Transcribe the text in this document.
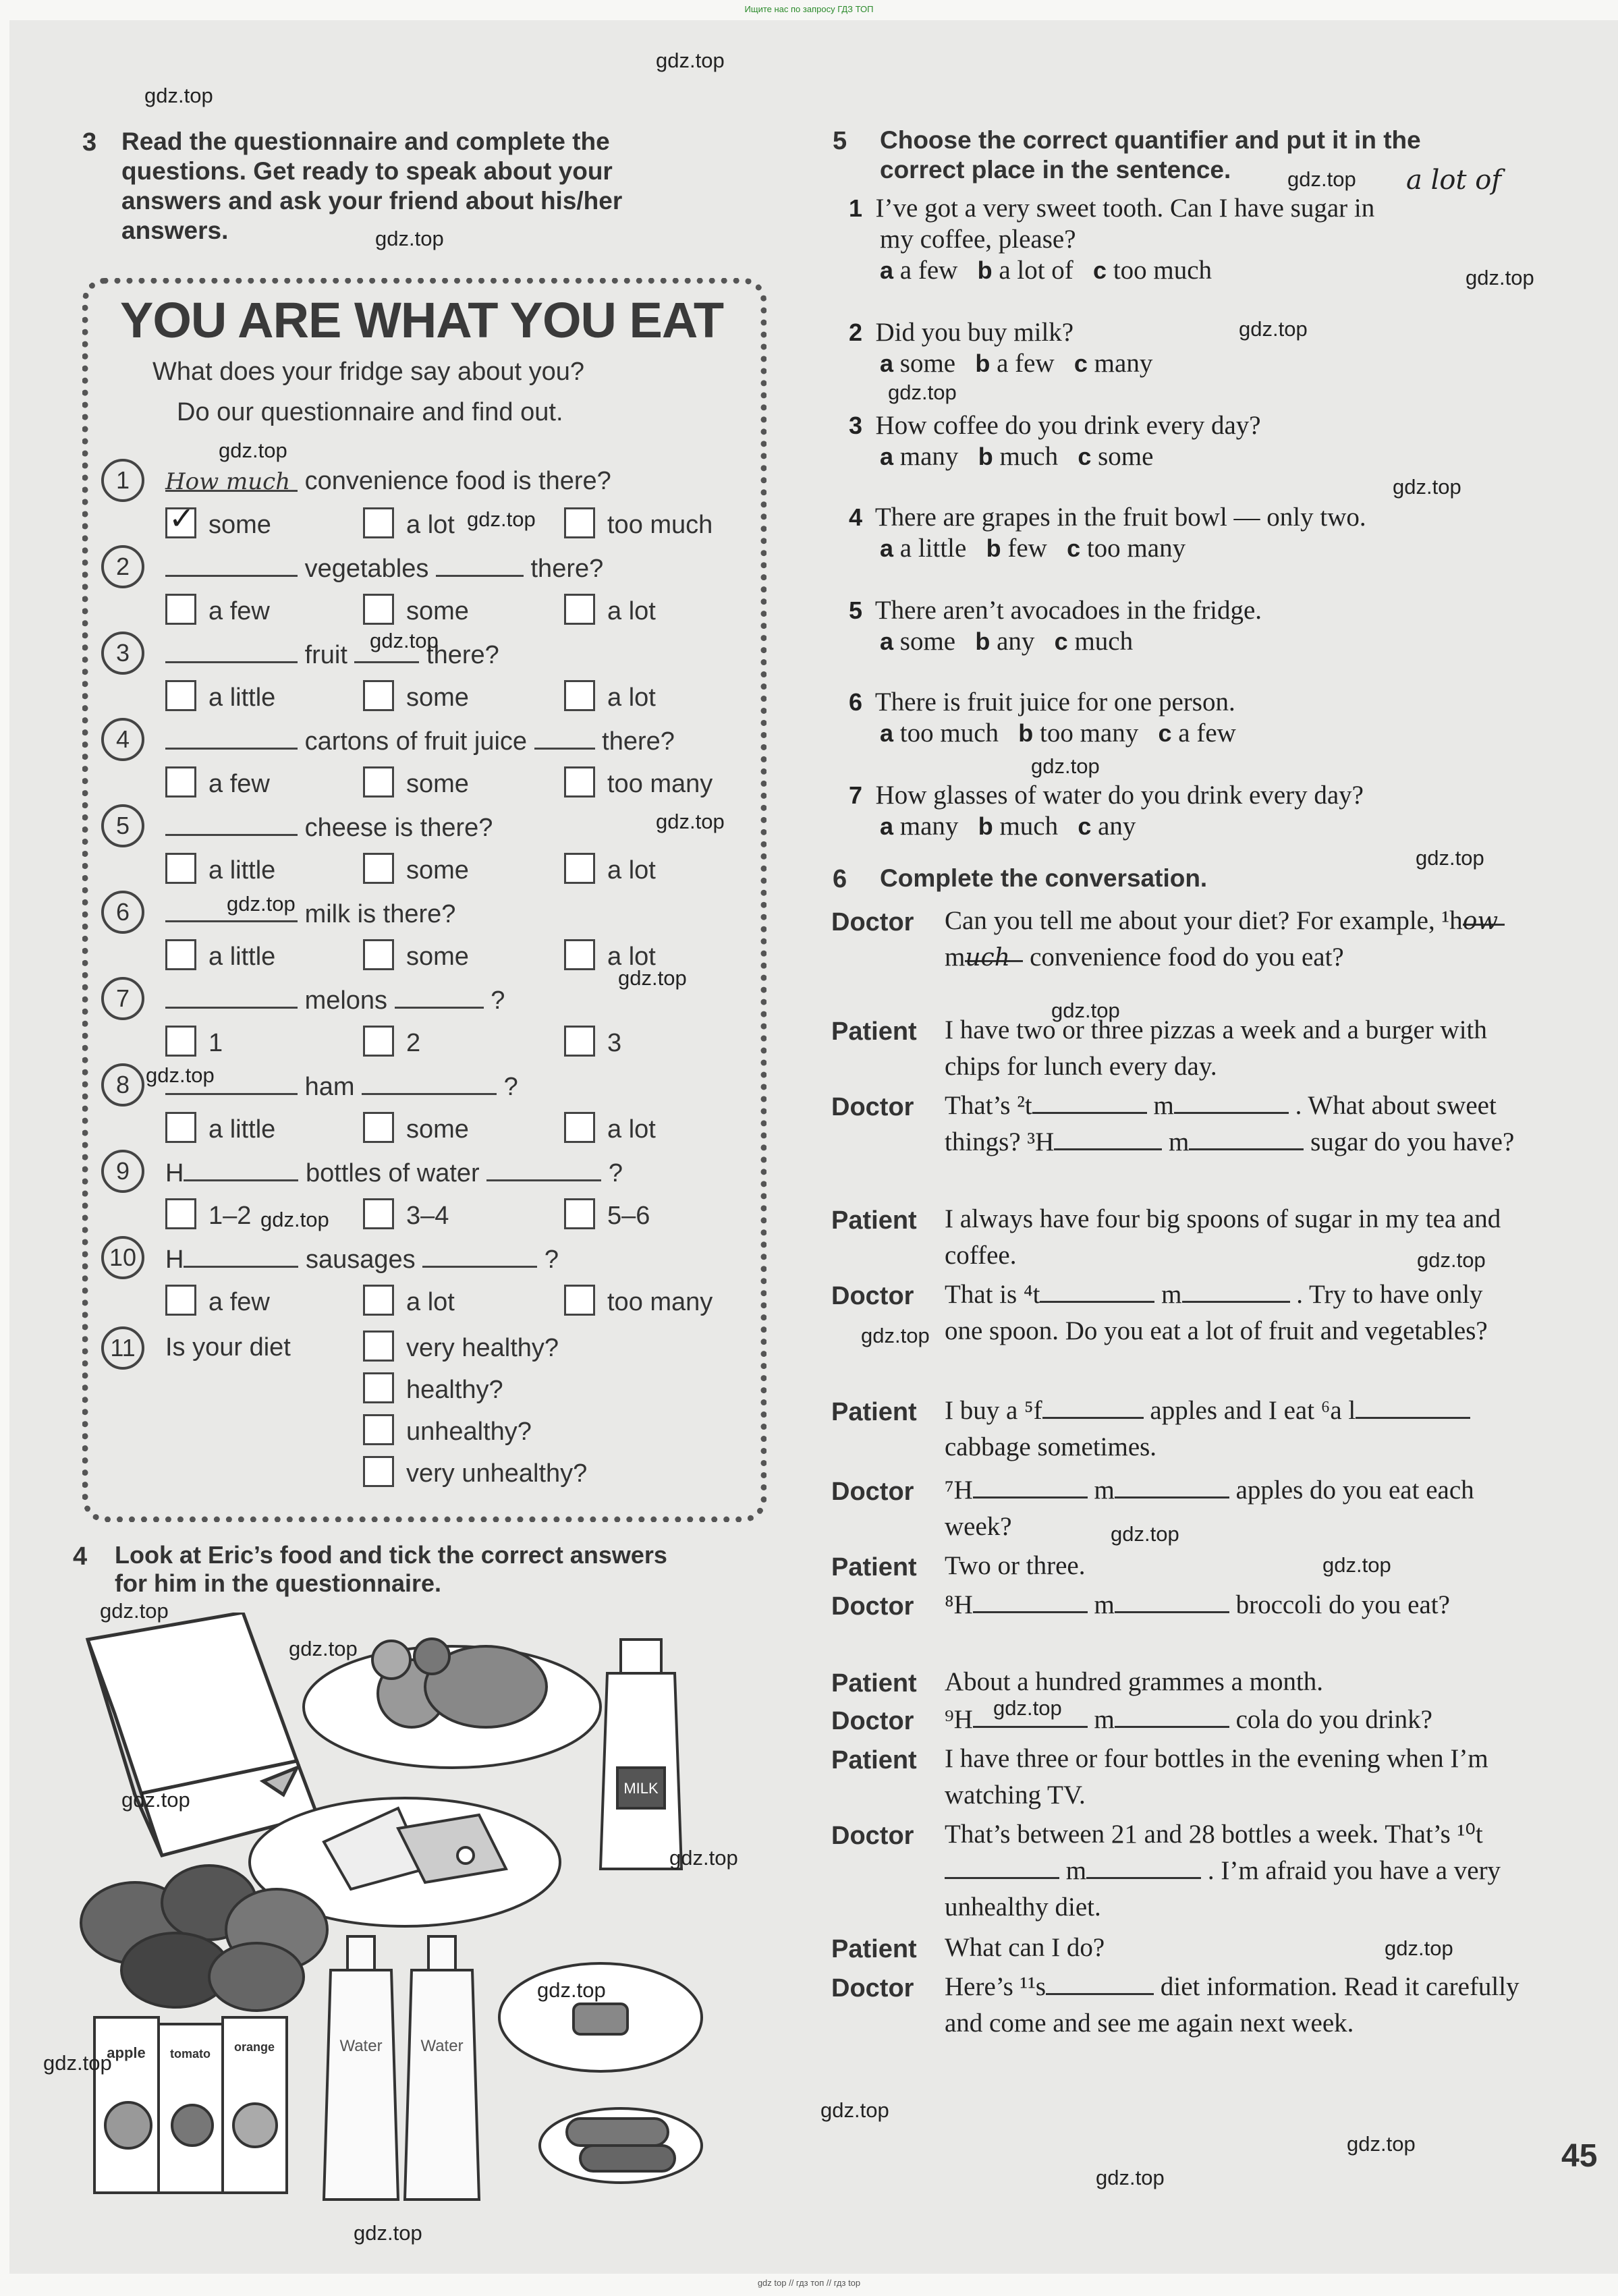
Ищите нас по запросу ГДЗ ТОП
3 Read the questionnaire and complete the
questions. Get ready to speak about your
answers and ask your friend about his/her
answers.
YOU ARE WHAT YOU EAT
What does your fridge say about you?
Do our questionnaire and find out.
1	How much convenience food is there?
✓ some	a lot	too much
2	vegetables	there?
a few	some	a lot
3	fruit	there?
a little	some	a lot
4	cartons of fruit juice	there?
a few	some	too many
5	cheese is there?
a little	some	a lot
6	milk is there?
a little	some	a lot
7	melons	?
1	2	3
8	ham	?
a little	some	a lot
9	H	bottles of water	?
1–2	3–4	5–6
10	H	sausages	?
a few	a lot	too many
11	Is your diet	very healthy?
healthy?
unhealthy?
very unhealthy?
4 Look at Eric’s food and tick the correct answers
for him in the questionnaire.
MILK
apple tomato orange	Water Water
5 Choose the correct quantifier and put it in the
correct place in the sentence.	a lot of
1 I’ve got a very sweet tooth. Can I have sugar in
my coffee, please?
a a few b a lot of c too much
2 Did you buy milk?
a some b a few c many
3 How coffee do you drink every day?
a many b much c some
4 There are grapes in the fruit bowl — only two.
a a little b few c too many
5 There aren’t avocadoes in the fridge.
a some b any c much
6 There is fruit juice for one person.
a too much b too many c a few
7 How glasses of water do you drink every day?
a many b much c any
6 Complete the conversation.
Doctor Can you tell me about your diet? For example, ¹how much convenience food do you eat?
Patient I have two or three pizzas a week and a burger with chips for lunch every day.
Doctor That’s ²t	m	. What about sweet things? ³H	m	sugar do you have?
Patient I always have four big spoons of sugar in my tea and coffee.
Doctor That is ⁴t	m	. Try to have only one spoon. Do you eat a lot of fruit and vegetables?
Patient I buy a ⁵f	apples and I eat ⁶a l cabbage sometimes.
Doctor ⁷H	m	apples do you eat each week?
Patient Two or three.
Doctor ⁸H	m	broccoli do you eat?
Patient About a hundred grammes a month.
Doctor ⁹H	m	cola do you drink?
Patient I have three or four bottles in the evening when I’m watching TV.
Doctor That’s between 21 and 28 bottles a week. That’s ¹⁰t m	. I’m afraid you have a very unhealthy diet.
Patient What can I do?
Doctor Here’s ¹¹s	diet information. Read it carefully and come and see me again next week.
45
gdz.top
gdz.top
gdz.top
gdz.top
gdz.top
gdz.top
gdz.top
gdz.top
gdz.top
gdz.top
gdz.top
gdz.top
gdz.top
gdz.top
gdz.top
gdz.top
gdz.top
gdz.top
gdz.top
gdz.top
gdz.top
gdz.top
gdz.top
gdz.top
gdz.top
gdz.top
gdz.top
gdz.top
gdz.top
gdz.top
gdz.top
gdz.top
gdz.top
gdz.top
gdz.top
gdz top // гдз топ // гдз top
